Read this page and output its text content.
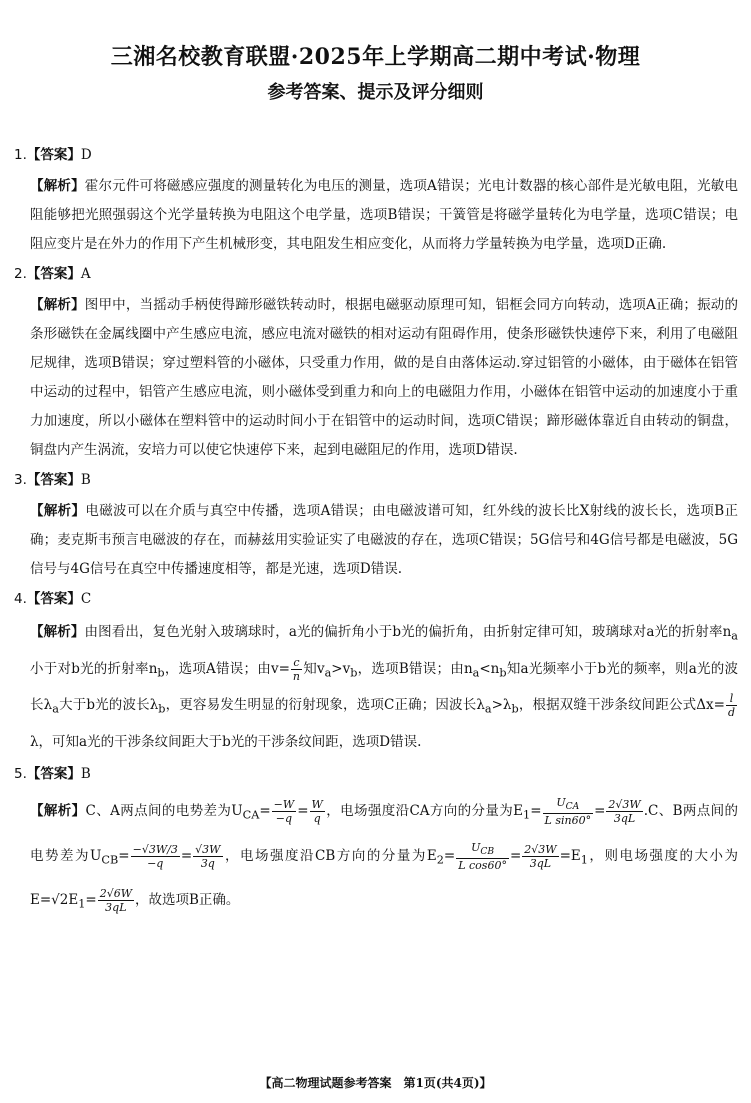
三湘名校教育联盟·2025年上学期高二期中考试·物理
参考答案、提示及评分细则
1.【答案】D
【解析】霍尔元件可将磁感应强度的测量转化为电压的测量，选项A错误；光电计数器的核心部件是光敏电阻，光敏电阻能够把光照强弱这个光学量转换为电阻这个电学量，选项B错误；干簧管是将磁学量转化为电学量，选项C错误；电阻应变片是在外力的作用下产生机械形变，其电阻发生相应变化，从而将力学量转换为电学量，选项D正确.
2.【答案】A
【解析】图甲中，当摇动手柄使得蹄形磁铁转动时，根据电磁驱动原理可知，铝框会同方向转动，选项A正确；振动的条形磁铁在金属线圈中产生感应电流，感应电流对磁铁的相对运动有阻碍作用，使条形磁铁快速停下来，利用了电磁阻尼规律，选项B错误；穿过塑料管的小磁体，只受重力作用，做的是自由落体运动.穿过铝管的小磁体，由于磁体在铝管中运动的过程中，铝管产生感应电流，则小磁体受到重力和向上的电磁阻力作用，小磁体在铝管中运动的加速度小于重力加速度，所以小磁体在塑料管中的运动时间小于在铝管中的运动时间，选项C错误；蹄形磁体靠近自由转动的铜盘，铜盘内产生涡流，安培力可以使它快速停下来，起到电磁阻尼的作用，选项D错误.
3.【答案】B
【解析】电磁波可以在介质与真空中传播，选项A错误；由电磁波谱可知，红外线的波长比X射线的波长长，选项B正确；麦克斯韦预言电磁波的存在，而赫兹用实验证实了电磁波的存在，选项C错误；5G信号和4G信号都是电磁波，5G信号与4G信号在真空中传播速度相等，都是光速，选项D错误.
4.【答案】C
【解析】由图看出，复色光射入玻璃球时，a光的偏折角小于b光的偏折角，由折射定律可知，玻璃球对a光的折射率$n_a$小于对b光的折射率$n_b$，选项A错误；由$v= \frac{c}{n}$ 知$v_a>v_b$，选项B错误；由$n_a<n_b$知a光频率小于b光的频率，则a光的波长$\lambda_a$大于b光的波长$\lambda_b$，更容易发生明显的衍射现象，选项C正确；因波长$\lambda_a>\lambda_b$，根据双缝干涉条纹间距公式$\Delta x= \frac{l}{d}$
λ，可知a光的干涉条纹间距大于b光的干涉条纹间距，选项D错误.
5.【答案】B
【解析】C、A两点间的电势差为$U_{CA}= \frac{-W}{-q} = \frac{W}{q}$ ，电场强度沿CA方向的分量为$E_1= \frac{U_{CA}}{\text{L sin60°}} = \frac{2√3W}{3qL} .C$、B两点间的电势差为$U_{CB}= \frac{-√3W/3}{-q} = \frac{√3W}{3q}$ ，电场强度沿CB方向的分量为$E_2= \frac{U_{CB}}{\text{L cos60°}} = \frac{2√3W}{3qL} =E_1$，则电场强度的大小为$E=√2E_1= \frac{2√6W}{3qL}$ ，故选项B正确。
【高二物理试题参考答案　第1页(共4页)】
